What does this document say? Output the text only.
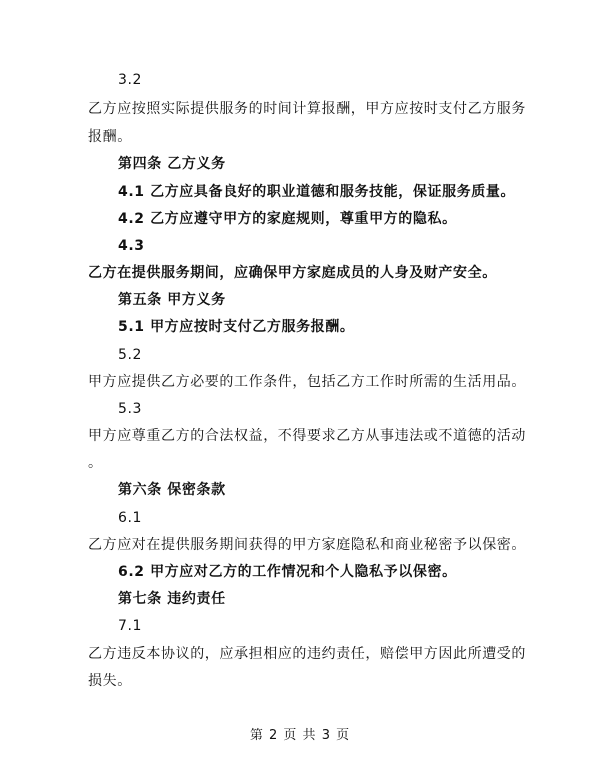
3.2
乙方应按照实际提供服务的时间计算报酬，甲方应按时支付乙方服务
报酬。
第四条 乙方义务
4.1 乙方应具备良好的职业道德和服务技能，保证服务质量。
4.2 乙方应遵守甲方的家庭规则，尊重甲方的隐私。
4.3
乙方在提供服务期间，应确保甲方家庭成员的人身及财产安全。
第五条 甲方义务
5.1 甲方应按时支付乙方服务报酬。
5.2
甲方应提供乙方必要的工作条件，包括乙方工作时所需的生活用品。
5.3
甲方应尊重乙方的合法权益，不得要求乙方从事违法或不道德的活动
。
第六条 保密条款
6.1
乙方应对在提供服务期间获得的甲方家庭隐私和商业秘密予以保密。
6.2 甲方应对乙方的工作情况和个人隐私予以保密。
第七条 违约责任
7.1
乙方违反本协议的，应承担相应的违约责任，赔偿甲方因此所遭受的
损失。
第 2 页 共 3 页
